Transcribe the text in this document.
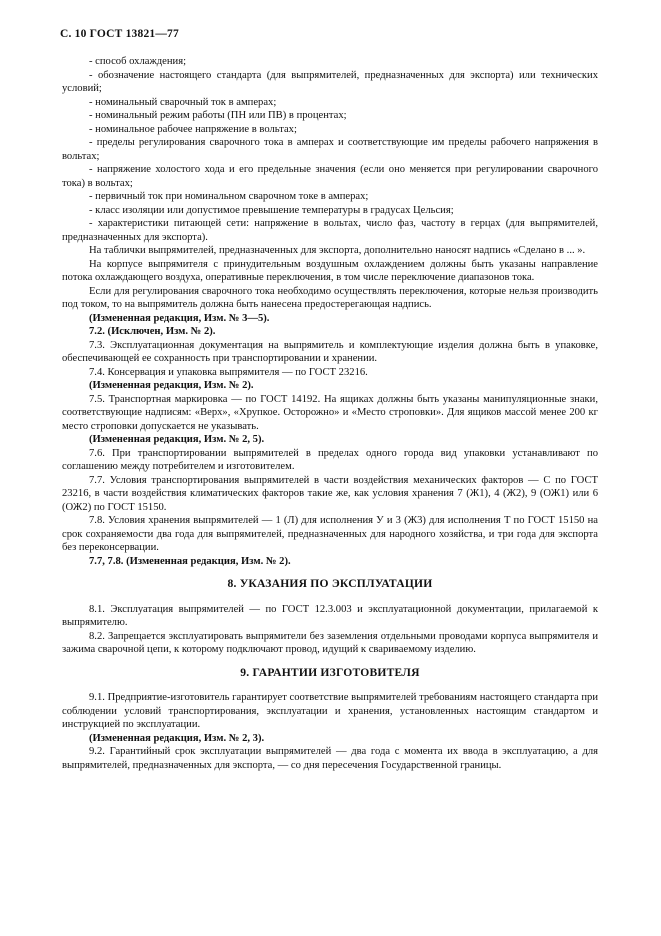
С. 10 ГОСТ 13821—77

- способ охлаждения;

- обозначение настоящего стандарта (для выпрямителей, предназначенных для экспорта) или технических условий;

- номинальный сварочный ток в амперах;

- номинальный режим работы (ПН или ПВ) в процентах;

- номинальное рабочее напряжение в вольтах;

- пределы регулирования сварочного тока в амперах и соответствующие им пределы рабочего напряжения в вольтах;

- напряжение холостого хода и его предельные значения (если оно меняется при регулировании сварочного тока) в вольтах;

- первичный ток при номинальном сварочном токе в амперах;

- класс изоляции или допустимое превышение температуры в градусах Цельсия;

- характеристики питающей сети: напряжение в вольтах, число фаз, частоту в герцах (для выпрямителей, предназначенных для экспорта).

На таблички выпрямителей, предназначенных для экспорта, дополнительно наносят надпись «Сделано в ... ».

На корпусе выпрямителя с принудительным воздушным охлаждением должны быть указаны направление потока охлаждающего воздуха, оперативные переключения, в том числе переключение диапазонов тока.

Если для регулирования сварочного тока необходимо осуществлять переключения, которые нельзя производить под током, то на выпрямитель должна быть нанесена предостерегающая надпись.

(Измененная редакция, Изм. № 3—5).

7.2. (Исключен, Изм. № 2).

7.3. Эксплуатационная документация на выпрямитель и комплектующие изделия должна быть в упаковке, обеспечивающей ее сохранность при транспортировании и хранении.

7.4. Консервация и упаковка выпрямителя — по ГОСТ 23216.

(Измененная редакция, Изм. № 2).

7.5. Транспортная маркировка — по ГОСТ 14192. На ящиках должны быть указаны манипуляционные знаки, соответствующие надписям: «Верх», «Хрупкое. Осторожно» и «Место строповки». Для ящиков массой менее 200 кг место строповки допускается не указывать.

(Измененная редакция, Изм. № 2, 5).

7.6. При транспортировании выпрямителей в пределах одного города вид упаковки устанавливают по соглашению между потребителем и изготовителем.

7.7. Условия транспортирования выпрямителей в части воздействия механических факторов — С по ГОСТ 23216, в части воздействия климатических факторов такие же, как условия хранения 7 (Ж1), 4 (Ж2), 9 (ОЖ1) или 6 (ОЖ2) по ГОСТ 15150.

7.8. Условия хранения выпрямителей — 1 (Л) для исполнения У и 3 (Ж3) для исполнения Т по ГОСТ 15150 на срок сохраняемости два года для выпрямителей, предназначенных для народного хозяйства, и три года для экспорта без переконсервации.

7.7, 7.8. (Измененная редакция, Изм. № 2).

8. УКАЗАНИЯ ПО ЭКСПЛУАТАЦИИ

8.1. Эксплуатация выпрямителей — по ГОСТ 12.3.003 и эксплуатационной документации, прилагаемой к выпрямителю.

8.2. Запрещается эксплуатировать выпрямители без заземления отдельными проводами корпуса выпрямителя и зажима сварочной цепи, к которому подключают провод, идущий к свариваемому изделию.

9. ГАРАНТИИ ИЗГОТОВИТЕЛЯ

9.1. Предприятие-изготовитель гарантирует соответствие выпрямителей требованиям настоящего стандарта при соблюдении условий транспортирования, эксплуатации и хранения, установленных настоящим стандартом и инструкцией по эксплуатации.

(Измененная редакция, Изм. № 2, 3).

9.2. Гарантийный срок эксплуатации выпрямителей — два года с момента их ввода в эксплуатацию, а для выпрямителей, предназначенных для экспорта, — со дня пересечения Государственной границы.
